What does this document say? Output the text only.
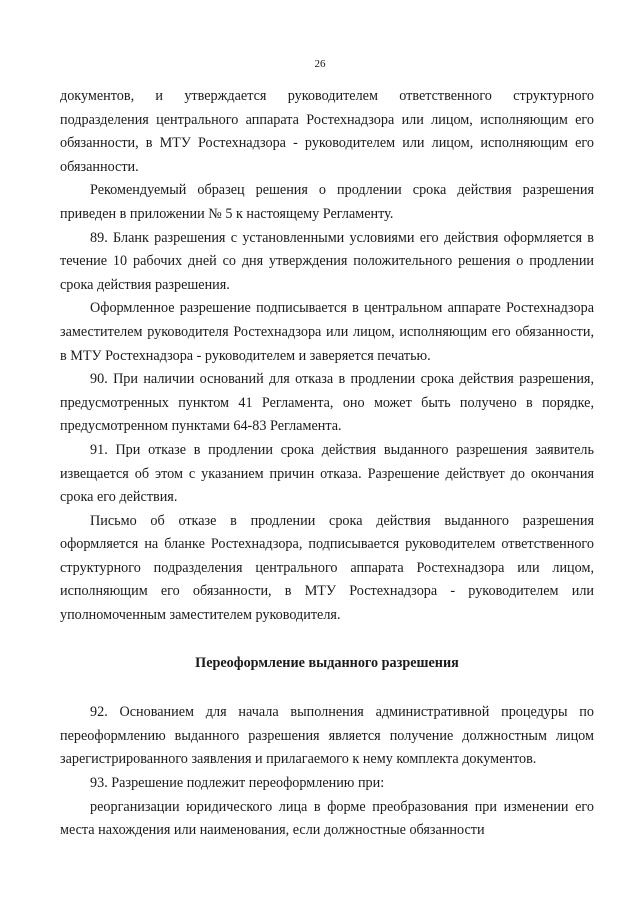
26

документов, и утверждается руководителем ответственного структурного подразделения центрального аппарата Ростехнадзора или лицом, исполняющим его обязанности, в МТУ Ростехнадзора - руководителем или лицом, исполняющим его обязанности.

Рекомендуемый образец решения о продлении срока действия разрешения приведен в приложении № 5 к настоящему Регламенту.

89. Бланк разрешения с установленными условиями его действия оформляется в течение 10 рабочих дней со дня утверждения положительного решения о продлении срока действия разрешения.

Оформленное разрешение подписывается в центральном аппарате Ростехнадзора заместителем руководителя Ростехнадзора или лицом, исполняющим его обязанности, в МТУ Ростехнадзора - руководителем и заверяется печатью.

90. При наличии оснований для отказа в продлении срока действия разрешения, предусмотренных пунктом 41 Регламента, оно может быть получено в порядке, предусмотренном пунктами 64-83 Регламента.

91. При отказе в продлении срока действия выданного разрешения заявитель извещается об этом с указанием причин отказа. Разрешение действует до окончания срока его действия.

Письмо об отказе в продлении срока действия выданного разрешения оформляется на бланке Ростехнадзора, подписывается руководителем ответственного структурного подразделения центрального аппарата Ростехнадзора или лицом, исполняющим его обязанности, в МТУ Ростехнадзора - руководителем или уполномоченным заместителем руководителя.

Переоформление выданного разрешения

92. Основанием для начала выполнения административной процедуры по переоформлению выданного разрешения является получение должностным лицом зарегистрированного заявления и прилагаемого к нему комплекта документов.

93. Разрешение подлежит переоформлению при:

реорганизации юридического лица в форме преобразования при изменении его места нахождения или наименования, если должностные обязанности
